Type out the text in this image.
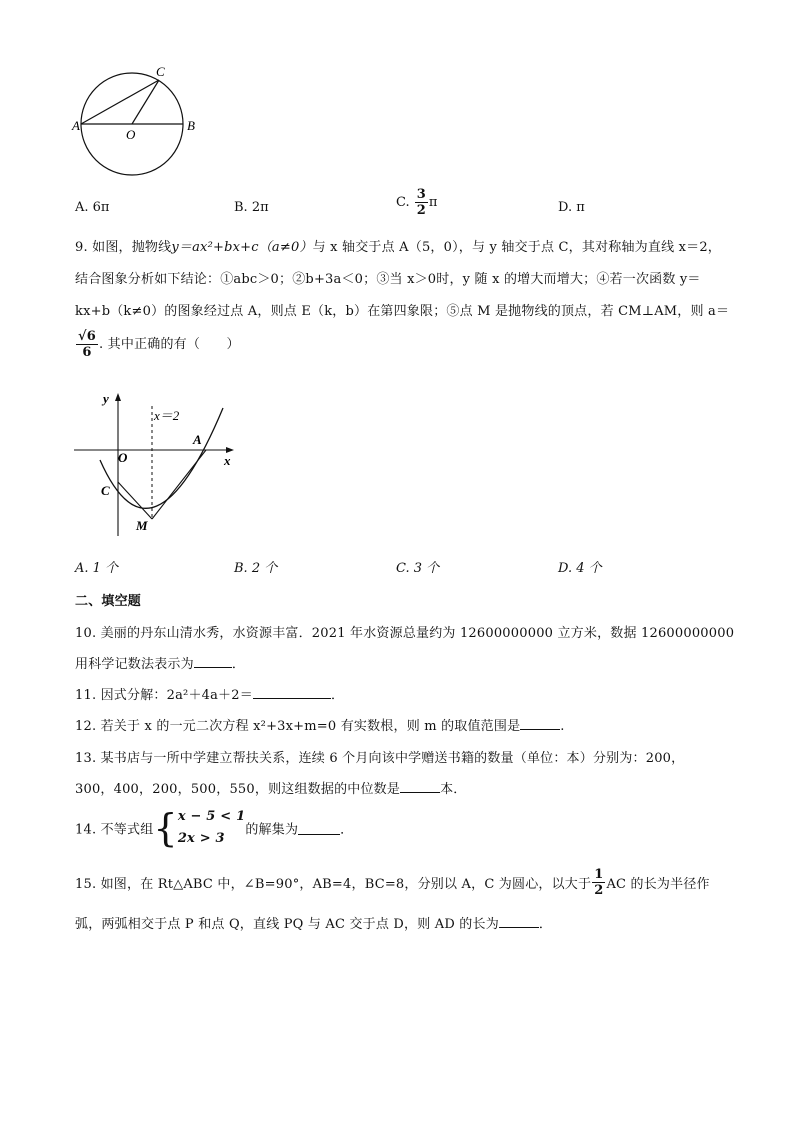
A	B
C
O
A. 6π	B. 2π	C. $\frac{3}{2}$ π	D. π
9. 如图，抛物线y＝ax²+bx+c（a≠0）与 x 轴交于点 A（5，0），与 y 轴交于点 C，其对称轴为直线 x＝2，
结合图象分析如下结论：①abc＞0；②b+3a＜0；③当 x＞0时，y 随 x 的增大而增大；④若一次函数 y＝
kx+b（k≠0）的图象经过点 A，则点 E（k，b）在第四象限；⑤点 M 是抛物线的顶点，若 CM⊥AM，则 a＝
$\frac{√6}{6}$ . 其中正确的有（　　）
y
x
O
A
C
M
x＝2
A. 1 个	B. 2 个	C. 3 个	D. 4 个
二、填空题
10. 美丽的丹东山清水秀，水资源丰富．2021 年水资源总量约为 12600000000 立方米，数据 12600000000
用科学记数法表示为	．
11. 因式分解：2a²＋4a＋2＝	．
12. 若关于 x 的一元二次方程 x²+3x+m=0 有实数根，则 m 的取值范围是	.
13. 某书店与一所中学建立帮扶关系，连续 6 个月向该中学赠送书籍的数量（单位：本）分别为：200，
300，400，200，500，550，则这组数据的中位数是	本．
14. 不等式组{ x − 5 < 1
2x > 3
的解集为	．
15. 如图，在 Rt△ABC 中，∠B=90°，AB=4，BC=8，分别以 A，C 为圆心，以大于 $\frac{1}{2}$ AC 的长为半径作
弧，两弧相交于点 P 和点 Q，直线 PQ 与 AC 交于点 D，则 AD 的长为	．
